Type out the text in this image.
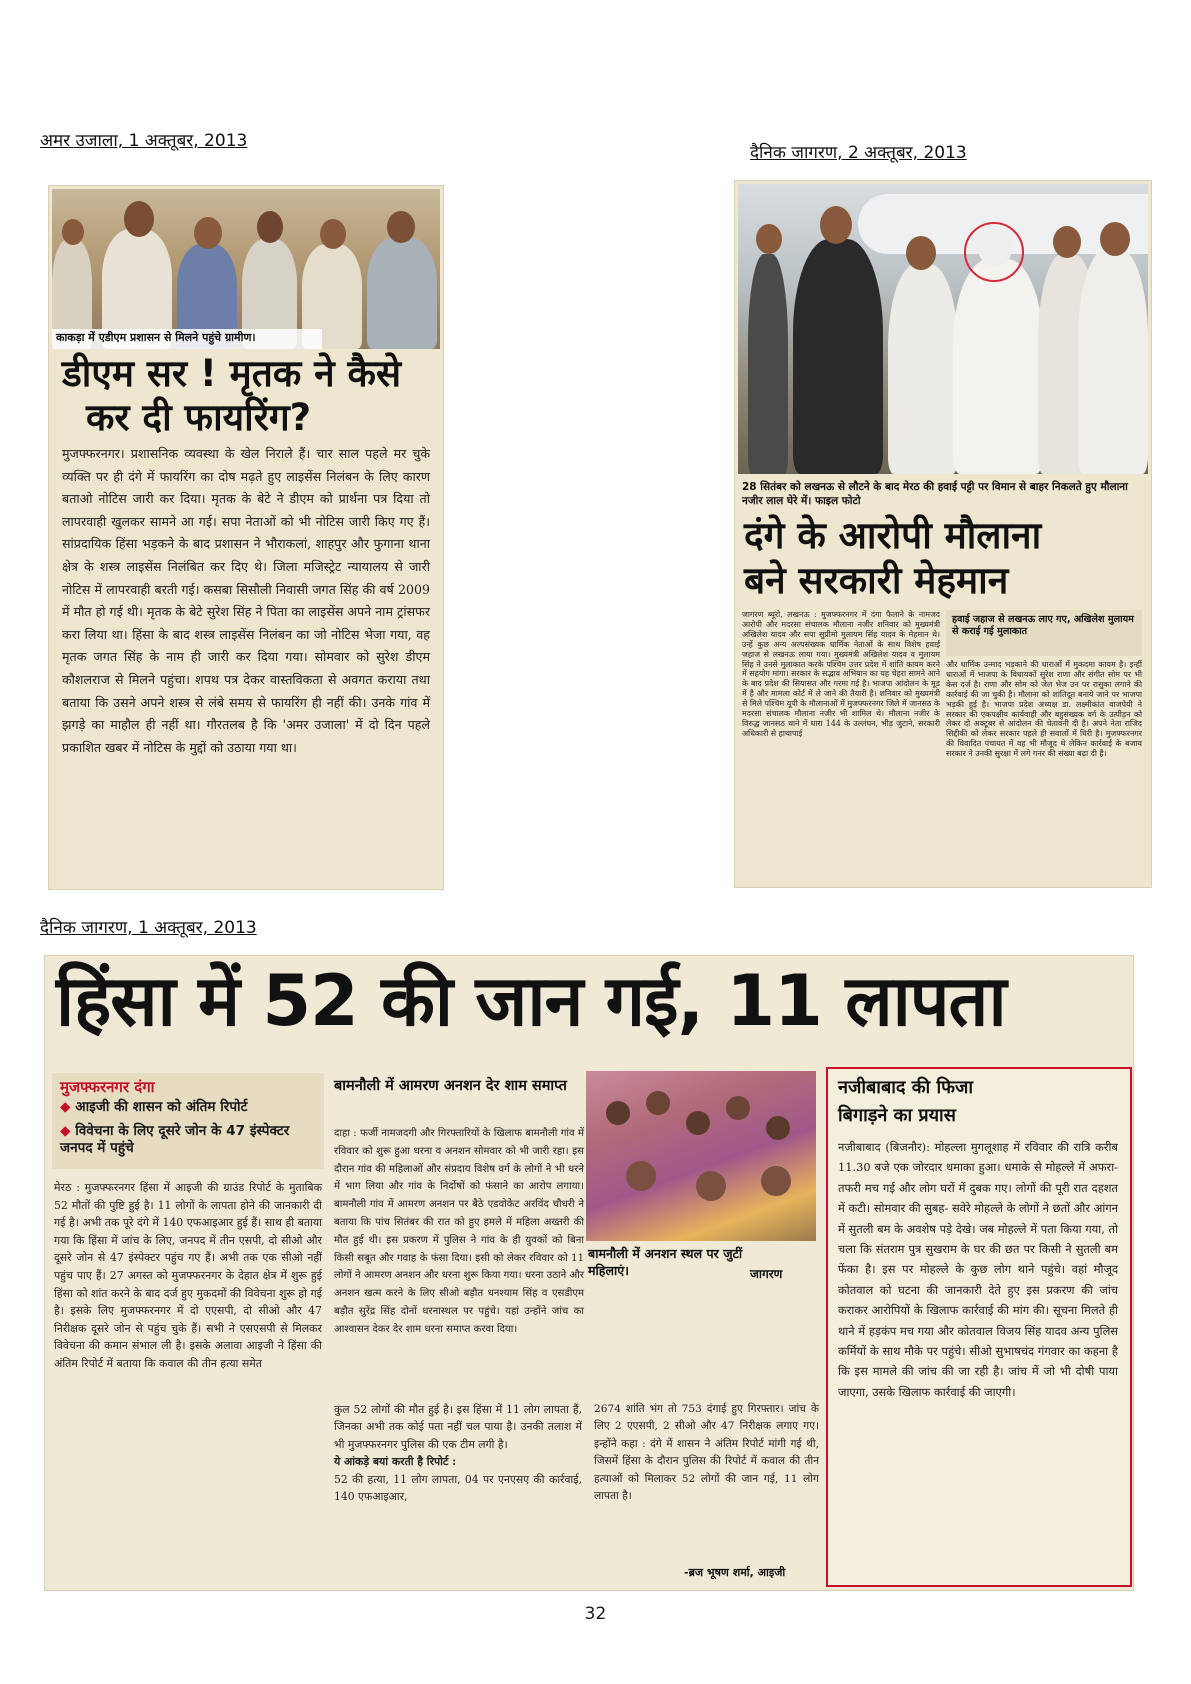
अमर उजाला, 1 अक्तूबर, 2013
दैनिक जागरण, 2 अक्तूबर, 2013
दैनिक जागरण, 1 अक्तूबर, 2013
काकड़ा में एडीएम प्रशासन से मिलने पहुंचे ग्रामीण।
डीएम सर ! मृतक ने कैसे
कर दी फायरिंग?
मुजफ्फरनगर। प्रशासनिक व्यवस्था के खेल निराले हैं। चार साल पहले मर चुके व्यक्ति पर ही दंगे में फायरिंग का दोष मढ़ते हुए लाइसेंस निलंबन के लिए कारण बताओ नोटिस जारी कर दिया। मृतक के बेटे ने डीएम को प्रार्थना पत्र दिया तो लापरवाही खुलकर सामने आ गई। सपा नेताओं को भी नोटिस जारी किए गए हैं। सांप्रदायिक हिंसा भड़कने के बाद प्रशासन ने भौराकलां, शाहपुर और फुगाना थाना क्षेत्र के शस्त्र लाइसेंस निलंबित कर दिए थे। जिला मजिस्ट्रेट न्यायालय से जारी नोटिस में लापरवाही बरती गई। कसबा सिसौली निवासी जगत सिंह की वर्ष 2009 में मौत हो गई थी। मृतक के बेटे सुरेश सिंह ने पिता का लाइसेंस अपने नाम ट्रांसफर करा लिया था। हिंसा के बाद शस्त्र लाइसेंस निलंबन का जो नोटिस भेजा गया, वह मृतक जगत सिंह के नाम ही जारी कर दिया गया। सोमवार को सुरेश डीएम कौशलराज से मिलने पहुंचा। शपथ पत्र देकर वास्तविकता से अवगत कराया तथा बताया कि उसने अपने शस्त्र से लंबे समय से फायरिंग ही नहीं की। उनके गांव में झगड़े का माहौल ही नहीं था। गौरतलब है कि 'अमर उजाला' में दो दिन पहले प्रकाशित खबर में नोटिस के मुद्दों को उठाया गया था।
28 सितंबर को लखनऊ से लौटने के बाद मेरठ की हवाई पट्टी पर विमान से बाहर निकलते हुए मौलाना नजीर लाल घेरे में। फाइल फोटो
दंगे के आरोपी मौलाना
बने सरकारी मेहमान
जागरण ब्यूरो, लखनऊ : मुजफ्फरनगर में दंगा फैलाने के नामजद आरोपी और मदरसा संचालक मौलाना नजीर शनिवार को मुख्यमंत्री अखिलेश यादव और सपा सुप्रीमो मुलायम सिंह यादव के मेहमान थे। उन्हें कुछ अन्य अल्पसंख्यक धार्मिक नेताओं के साथ विशेष हवाई जहाज से लखनऊ लाया गया। मुख्यमंत्री अखिलेश यादव व मुलायम सिंह ने उनसे मुलाकात करके पश्चिम उत्तर प्रदेश में शांति कायम करने में सहयोग मांगा। सरकार के सद्भाव अभियान का यह चेहरा सामने आने के बाद प्रदेश की सियासत और गरमा गई है। भाजपा आंदोलन के मूड में है और मामला कोर्ट में ले जाने की तैयारी है। शनिवार को मुख्यमंत्री से मिले पश्चिम यूपी के मौलानाओं में मुजफ्फरनगर जिले में जानसठ के मदरसा संचालक मौलाना नजीर भी शामिल थे। मौलाना नजीर के विरुद्ध जानसठ थाने में धारा 144 के उल्लंघन, भीड़ जुटाने, सरकारी अधिकारी से हाथापाई
हवाई जहाज से लखनऊ लाए गए, अखिलेश मुलायम से कराई गई मुलाकात
और धार्मिक उन्माद भड़काने की धाराओं में मुकदमा कायम है। इन्हीं धाराओं में भाजपा के विधायकों सुरेश राणा और संगीत सोम पर भी केस दर्ज है। राणा और सोम को जेल भेज उन पर रासुका लगाने की कार्रवाई की जा चुकी है। मौलाना को शांतिदूत बनाये जाने पर भाजपा भड़की हुई है। भाजपा प्रदेश अध्यक्ष डा. लक्ष्मीकांत वाजपेयी ने सरकार की एकपक्षीय कार्यवाही और बहुसंख्यक वर्ग के उत्पीड़न को लेकर दो अक्टूबर से आंदोलन की चेतावनी दी है। अपने नेता राजिद सिद्दीकी को लेकर सरकार पहले ही सवालों में घिरी है। मुजफ्फरनगर की विवादित पंचायत में वह भी मौजूद थे लेकिन कार्रवाई के बजाय सरकार ने उनकी सुरक्षा में लगे गनर की संख्या बढ़ा दी है।
हिंसा में 52 की जान गई, 11 लापता
मुजफ्फरनगर दंगा
◆ आइजी की शासन को अंतिम रिपोर्ट
◆ विवेचना के लिए दूसरे जोन के 47 इंस्पेक्टर जनपद में पहुंचे
मेरठ : मुजफ्फरनगर हिंसा में आइजी की ग्राउंड रिपोर्ट के मुताबिक 52 मौतों की पुष्टि हुई है। 11 लोगों के लापता होने की जानकारी दी गई है। अभी तक पूरे दंगे में 140 एफआइआर हुई हैं। साथ ही बताया गया कि हिंसा में जांच के लिए, जनपद में तीन एसपी, दो सीओ और दूसरे जोन से 47 इंस्पेक्टर पहुंच गए हैं। अभी तक एक सीओ नहीं पहुंच पाए हैं। 27 अगस्त को मुजफ्फरनगर के देहात क्षेत्र में शुरू हुई हिंसा को शांत करने के बाद दर्ज हुए मुकदमों की विवेचना शुरू हो गई है। इसके लिए मुजफ्फरनगर में दो एएसपी, दो सीओ और 47 निरीक्षक दूसरे जोन से पहुंच चुके हैं। सभी ने एसएसपी से मिलकर विवेचना की कमान संभाल ली है। इसके अलावा आइजी ने हिंसा की अंतिम रिपोर्ट में बताया कि कवाल की तीन हत्या समेत
बामनौली में आमरण अनशन देर शाम समाप्त
बामनौली में अनशन स्थल पर जुटीं महिलाएं।	जागरण
दाहा : फर्जी नामजदगी और गिरफ्तारियों के खिलाफ बामनौली गांव में रविवार को शुरू हुआ धरना व अनशन सोमवार को भी जारी रहा। इस दौरान गांव की महिलाओं और संप्रदाय विशेष वर्ग के लोगों ने भी धरने में भाग लिया और गांव के निर्दोषों को फंसाने का आरोप लगाया। बामनौली गांव में आमरण अनशन पर बैठे एडवोकेट अरविंद चौधरी ने बताया कि पांच सितंबर की रात को हुए हमले में महिला अख्तरी की मौत हुई थी। इस प्रकरण में पुलिस ने गांव के ही युवकों को बिना किसी सबूत और गवाह के फंसा दिया। इसी को लेकर रविवार को 11 लोगों ने आमरण अनशन और धरना शुरू किया गया। धरना उठाने और अनशन खत्म करने के लिए सीओ बड़ौत धनश्याम सिंह व एसडीएम बड़ौत सुरेंद्र सिंह दोनों धरनास्थल पर पहुंचे। यहां उन्होंने जांच का आश्वासन देकर देर शाम धरना समाप्त करवा दिया।
कुल 52 लोगों की मौत हुई है। इस हिंसा में 11 लोग लापता हैं, जिनका अभी तक कोई पता नहीं चल पाया है। उनकी तलाश में भी मुजफ्फरनगर पुलिस की एक टीम लगी है।
ये आंकड़े बयां करती है रिपोर्ट :
52 की हत्या, 11 लोग लापता, 04 पर एनएसए की कार्रवाई, 140 एफआइआर,
2674 शांति भंग तो 753 दंगाई हुए गिरफ्तार। जांच के लिए 2 एएसपी, 2 सीओ और 47 निरीक्षक लगाए गए। इन्होंने कहा : दंगे में शासन ने अंतिम रिपोर्ट मांगी गई थी, जिसमें हिंसा के दौरान पुलिस की रिपोर्ट में कवाल की तीन हत्याओं को मिलाकर 52 लोगों की जान गई, 11 लोग लापता है।
-ब्रज भूषण शर्मा, आइजी
नजीबाबाद की फिजा
बिगाड़ने का प्रयास
नजीबाबाद (बिजनौर): मोहल्ला मुगलूशाह में रविवार की रात्रि करीब 11.30 बजे एक जोरदार धमाका हुआ। धमाके से मोहल्ले में अफरा-तफरी मच गई और लोग घरों में दुबक गए। लोगों की पूरी रात दहशत में कटी। सोमवार की सुबह- सवेरे मोहल्ले के लोगों ने छतों और आंगन में सुतली बम के अवशेष पड़े देखे। जब मोहल्ले में पता किया गया, तो चला कि संतराम पुत्र सुखराम के घर की छत पर किसी ने सुतली बम फेंका है। इस पर मोहल्ले के कुछ लोग थाने पहुंचे। वहां मौजूद कोतवाल को घटना की जानकारी देते हुए इस प्रकरण की जांच कराकर आरोपियों के खिलाफ कार्रवाई की मांग की। सूचना मिलते ही थाने में हड़कंप मच गया और कोतवाल विजय सिंह यादव अन्य पुलिस कर्मियों के साथ मौके पर पहुंचे। सीओ सुभाषचंद गंगवार का कहना है कि इस मामले की जांच की जा रही है। जांच में जो भी दोषी पाया जाएगा, उसके खिलाफ कार्रवाई की जाएगी।
32
